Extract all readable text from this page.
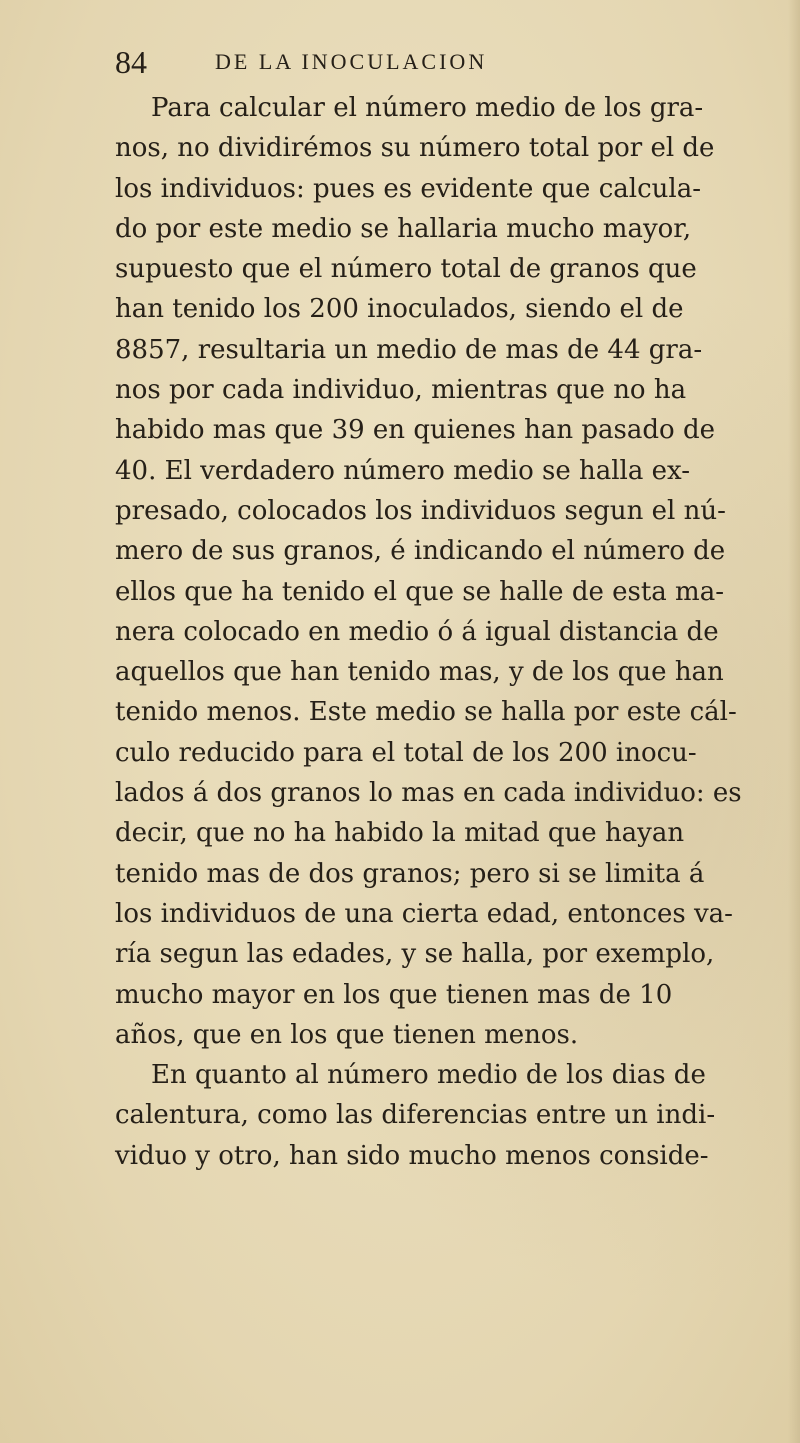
84	DE LA INOCULACION
Para calcular el número medio de los gra-
nos, no dividirémos su número total por el de
los individuos: pues es evidente que calcula-
do por este medio se hallaria mucho mayor,
supuesto que el número total de granos que
han tenido los 200 inoculados, siendo el de
8857, resultaria un medio de mas de 44 gra-
nos por cada individuo, mientras que no ha
habido mas que 39 en quienes han pasado de
40. El verdadero número medio se halla ex-
presado, colocados los individuos segun el nú-
mero de sus granos, é indicando el número de
ellos que ha tenido el que se halle de esta ma-
nera colocado en medio ó á igual distancia de
aquellos que han tenido mas, y de los que han
tenido menos. Este medio se halla por este cál-
culo reducido para el total de los 200 inocu-
lados á dos granos lo mas en cada individuo: es
decir, que no ha habido la mitad que hayan
tenido mas de dos granos; pero si se limita á
los individuos de una cierta edad, entonces va-
ría segun las edades, y se halla, por exemplo,
mucho mayor en los que tienen mas de 10
años, que en los que tienen menos.
En quanto al número medio de los dias de
calentura, como las diferencias entre un indi-
viduo y otro, han sido mucho menos conside-
